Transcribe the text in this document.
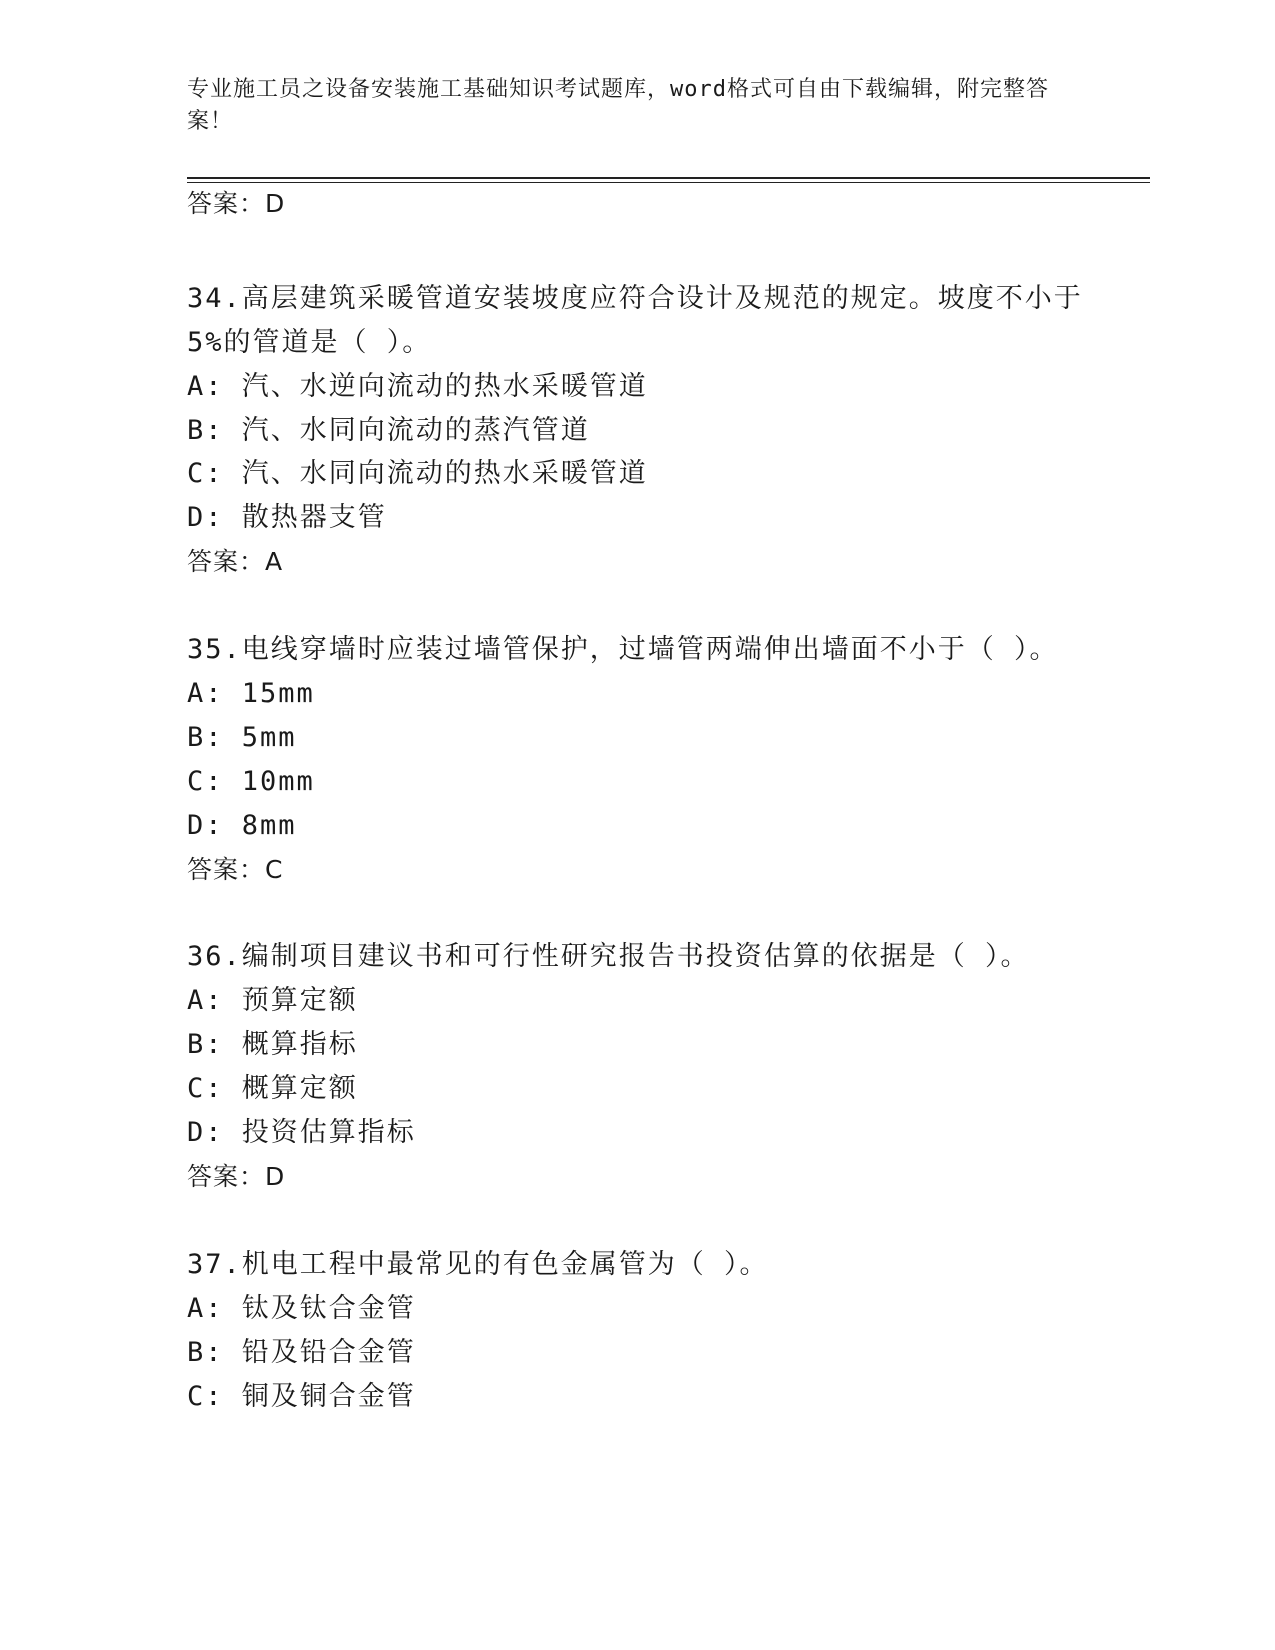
专业施工员之设备安装施工基础知识考试题库，word格式可自由下载编辑，附完整答案！
答案：D
34.高层建筑采暖管道安装坡度应符合设计及规范的规定。坡度不小于
5%的管道是（ ）。
A: 汽、水逆向流动的热水采暖管道
B: 汽、水同向流动的蒸汽管道
C: 汽、水同向流动的热水采暖管道
D: 散热器支管
答案：A
35.电线穿墙时应装过墙管保护，过墙管两端伸出墙面不小于（ ）。
A: 15mm
B: 5mm
C: 10mm
D: 8mm
答案：C
36.编制项目建议书和可行性研究报告书投资估算的依据是（ ）。
A: 预算定额
B: 概算指标
C: 概算定额
D: 投资估算指标
答案：D
37.机电工程中最常见的有色金属管为（ ）。
A: 钛及钛合金管
B: 铅及铅合金管
C: 铜及铜合金管
